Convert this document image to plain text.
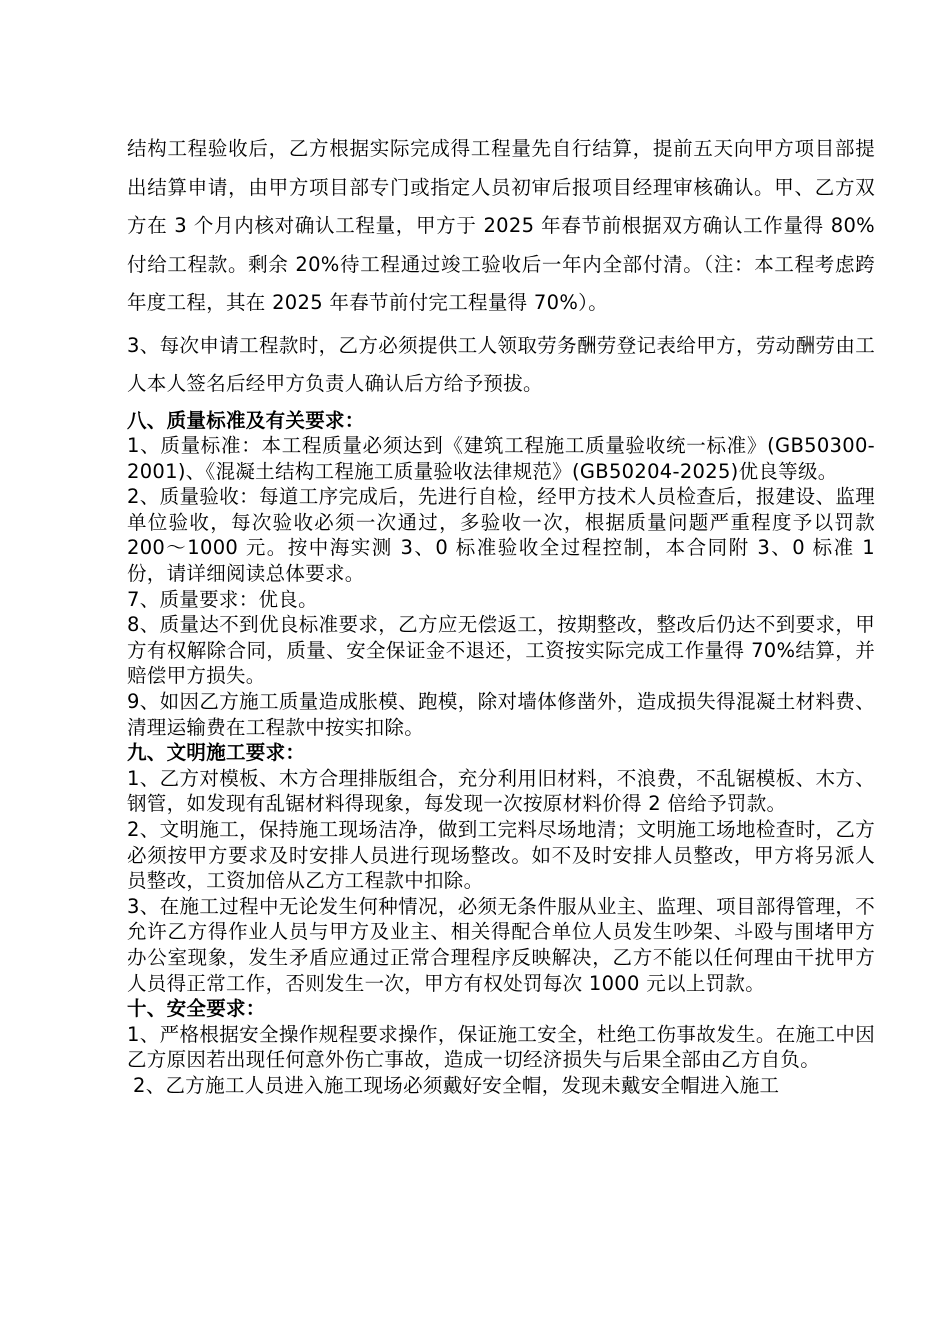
结构工程验收后，乙方根据实际完成得工程量先自行结算，提前五天向甲方项目部提出结算申请，由甲方项目部专门或指定人员初审后报项目经理审核确认。甲、乙方双方在 3 个月内核对确认工程量，甲方于 2025 年春节前根据双方确认工作量得 80%付给工程款。剩余 20%待工程通过竣工验收后一年内全部付清。（注：本工程考虑跨年度工程，其在 2025 年春节前付完工程量得 70%）。

3、每次申请工程款时，乙方必须提供工人领取劳务酬劳登记表给甲方，劳动酬劳由工人本人签名后经甲方负责人确认后方给予预拔。

八、质量标准及有关要求：

1、质量标准：本工程质量必须达到《建筑工程施工质量验收统一标准》(GB50300-2001)、《混凝土结构工程施工质量验收法律规范》(GB50204-2025)优良等级。

2、质量验收：每道工序完成后，先进行自检，经甲方技术人员检查后，报建设、监理单位验收，每次验收必须一次通过，多验收一次，根据质量问题严重程度予以罚款 200～1000 元。按中海实测 3、0 标准验收全过程控制，本合同附 3、0 标准 1 份，请详细阅读总体要求。

7、质量要求：优良。

8、质量达不到优良标准要求，乙方应无偿返工，按期整改，整改后仍达不到要求，甲方有权解除合同，质量、安全保证金不退还，工资按实际完成工作量得 70%结算，并赔偿甲方损失。

9、如因乙方施工质量造成胀模、跑模，除对墙体修凿外，造成损失得混凝土材料费、清理运输费在工程款中按实扣除。

九、文明施工要求：

1、乙方对模板、木方合理排版组合，充分利用旧材料，不浪费，不乱锯模板、木方、钢管，如发现有乱锯材料得现象，每发现一次按原材料价得 2 倍给予罚款。

2、文明施工，保持施工现场洁净，做到工完料尽场地清；文明施工场地检查时，乙方必须按甲方要求及时安排人员进行现场整改。如不及时安排人员整改，甲方将另派人员整改，工资加倍从乙方工程款中扣除。

3、在施工过程中无论发生何种情况，必须无条件服从业主、监理、项目部得管理，不允许乙方得作业人员与甲方及业主、相关得配合单位人员发生吵架、斗殴与围堵甲方办公室现象，发生矛盾应通过正常合理程序反映解决，乙方不能以任何理由干扰甲方人员得正常工作，否则发生一次，甲方有权处罚每次 1000 元以上罚款。

十、安全要求：

1、严格根据安全操作规程要求操作，保证施工安全，杜绝工伤事故发生。在施工中因乙方原因若出现任何意外伤亡事故，造成一切经济损失与后果全部由乙方自负。

2、乙方施工人员进入施工现场必须戴好安全帽，发现未戴安全帽进入施工
